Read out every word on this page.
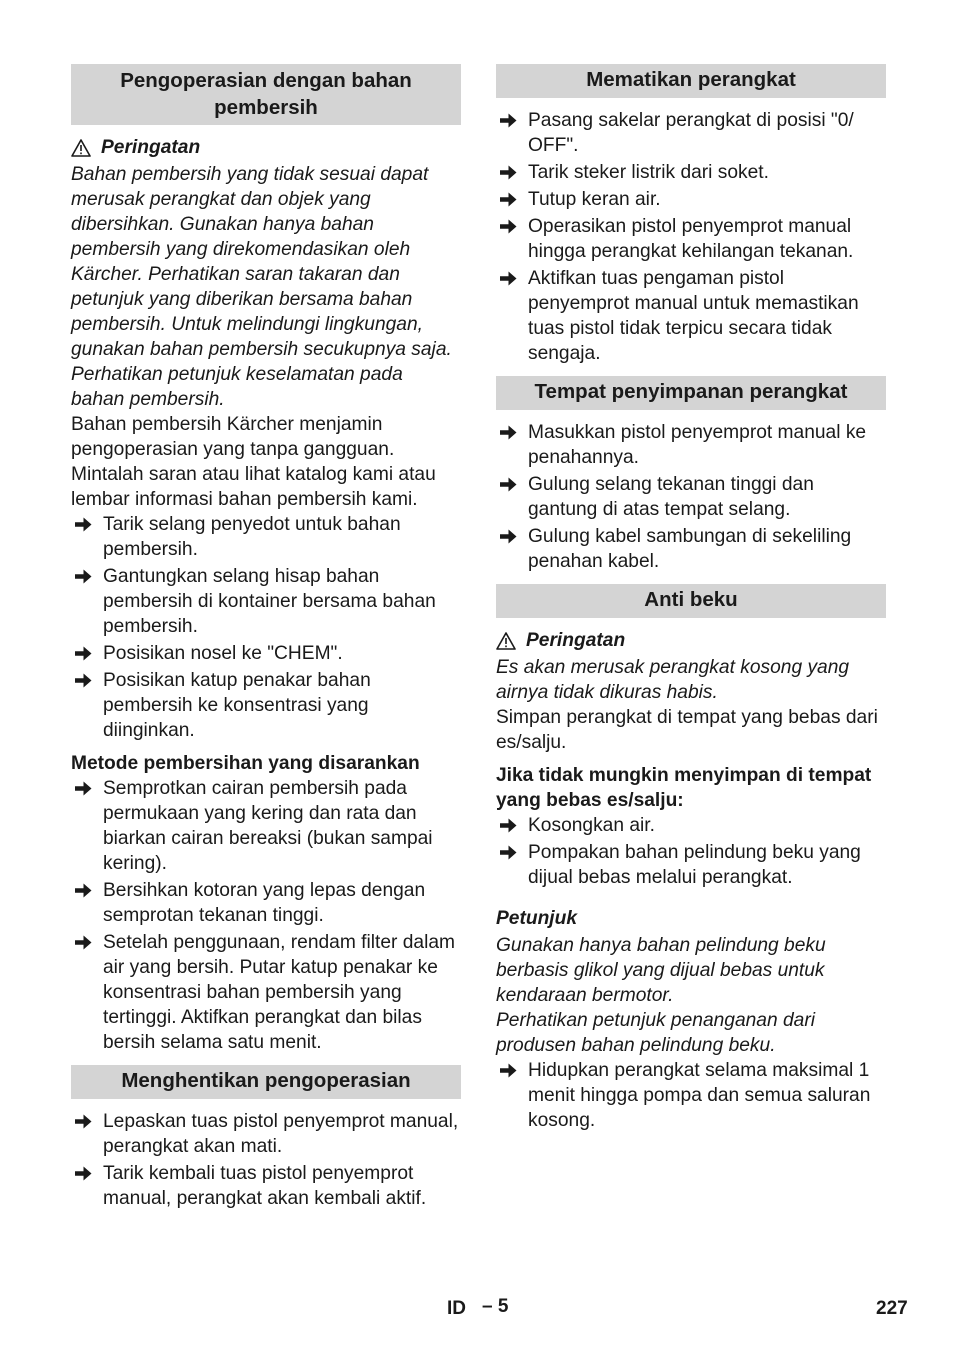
Pengoperasian dengan bahan pembersih
Peringatan

Bahan pembersih yang tidak sesuai dapat merusak perangkat dan objek yang dibersihkan. Gunakan hanya bahan pembersih yang direkomendasikan oleh Kärcher. Perhatikan saran takaran dan petunjuk yang diberikan bersama bahan pembersih. Untuk melindungi lingkungan, gunakan bahan pembersih secukupnya saja.

Perhatikan petunjuk keselamatan pada bahan pembersih.

Bahan pembersih Kärcher menjamin pengoperasian yang tanpa gangguan. Mintalah saran atau lihat katalog kami atau lembar informasi bahan pembersih kami.

Tarik selang penyedot untuk bahan pembersih.
Gantungkan selang hisap bahan pembersih di kontainer bersama bahan pembersih.
Posisikan nosel ke "CHEM".
Posisikan katup penakar bahan pembersih ke konsentrasi yang diinginkan.

Metode pembersihan yang disarankan

Semprotkan cairan pembersih pada permukaan yang kering dan rata dan biarkan cairan bereaksi (bukan sampai kering).
Bersihkan kotoran yang lepas dengan semprotan tekanan tinggi.
Setelah penggunaan, rendam filter dalam air yang bersih. Putar katup penakar ke konsentrasi bahan pembersih yang tertinggi. Aktifkan perangkat dan bilas bersih selama satu menit.
Menghentikan pengoperasian
Lepaskan tuas pistol penyemprot manual, perangkat akan mati.
Tarik kembali tuas pistol penyemprot manual, perangkat akan kembali aktif.
Mematikan perangkat
Pasang sakelar perangkat di posisi "0/ OFF".
Tarik steker listrik dari soket.
Tutup keran air.
Operasikan pistol penyemprot manual hingga perangkat kehilangan tekanan.
Aktifkan tuas pengaman pistol penyemprot manual untuk memastikan tuas pistol tidak terpicu secara tidak sengaja.
Tempat penyimpanan perangkat
Masukkan pistol penyemprot manual ke penahannya.
Gulung selang tekanan tinggi dan gantung di atas tempat selang.
Gulung kabel sambungan di sekeliling penahan kabel.
Anti beku
Peringatan

Es akan merusak perangkat kosong yang airnya tidak dikuras habis.

Simpan perangkat di tempat yang bebas dari es/salju.

Jika tidak mungkin menyimpan di tempat yang bebas es/salju:

Kosongkan air.
Pompakan bahan pelindung beku yang dijual bebas melalui perangkat.
Petunjuk

Gunakan hanya bahan pelindung beku berbasis glikol yang dijual bebas untuk kendaraan bermotor.

Perhatikan petunjuk penanganan dari produsen bahan pelindung beku.

Hidupkan perangkat selama maksimal 1 menit hingga pompa dan semua saluran kosong.
ID – 5	227
